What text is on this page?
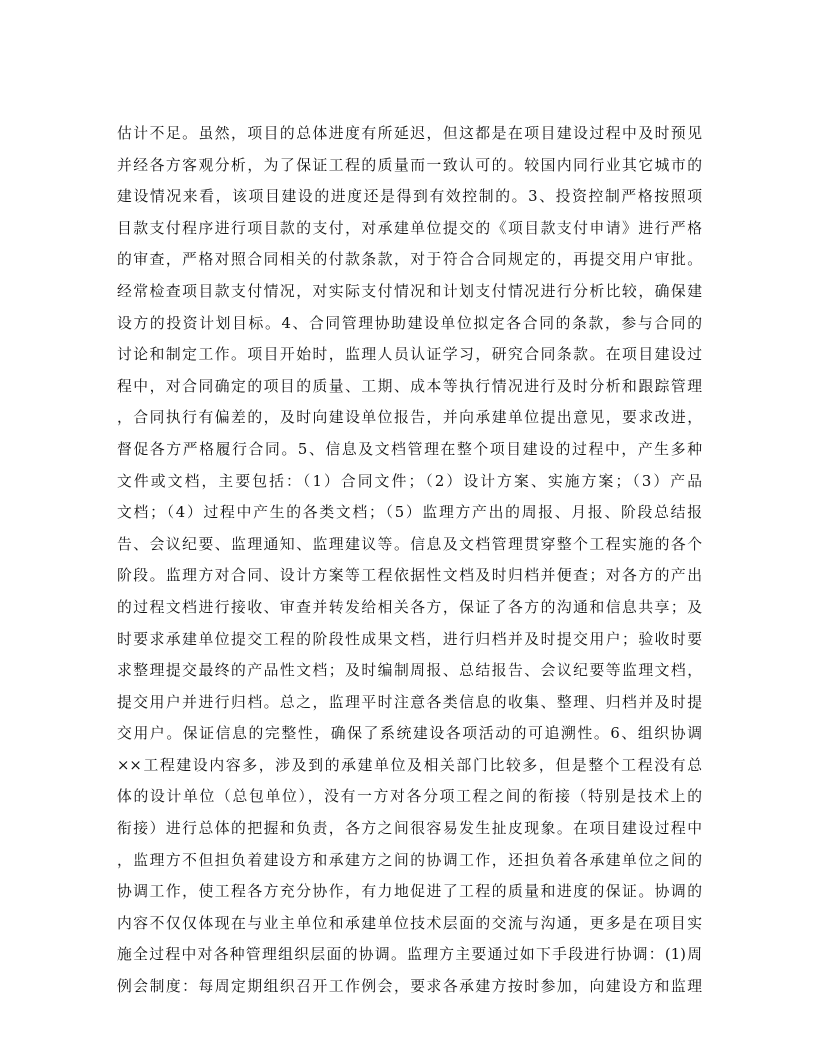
估计不足。虽然，项目的总体进度有所延迟，但这都是在项目建设过程中及时预见
并经各方客观分析，为了保证工程的质量而一致认可的。较国内同行业其它城市的
建设情况来看，该项目建设的进度还是得到有效控制的。3、投资控制严格按照项
目款支付程序进行项目款的支付，对承建单位提交的《项目款支付申请》进行严格
的审查，严格对照合同相关的付款条款，对于符合合同规定的，再提交用户审批。
经常检查项目款支付情况，对实际支付情况和计划支付情况进行分析比较，确保建
设方的投资计划目标。4、合同管理协助建设单位拟定各合同的条款，参与合同的
讨论和制定工作。项目开始时，监理人员认证学习，研究合同条款。在项目建设过
程中，对合同确定的项目的质量、工期、成本等执行情况进行及时分析和跟踪管理
，合同执行有偏差的，及时向建设单位报告，并向承建单位提出意见，要求改进，
督促各方严格履行合同。5、信息及文档管理在整个项目建设的过程中，产生多种
文件或文档，主要包括：（1）合同文件；（2）设计方案、实施方案；（3）产品
文档；（4）过程中产生的各类文档；（5）监理方产出的周报、月报、阶段总结报
告、会议纪要、监理通知、监理建议等。信息及文档管理贯穿整个工程实施的各个
阶段。监理方对合同、设计方案等工程依据性文档及时归档并便查；对各方的产出
的过程文档进行接收、审查并转发给相关各方，保证了各方的沟通和信息共享；及
时要求承建单位提交工程的阶段性成果文档，进行归档并及时提交用户；验收时要
求整理提交最终的产品性文档；及时编制周报、总结报告、会议纪要等监理文档，
提交用户并进行归档。总之，监理平时注意各类信息的收集、整理、归档并及时提
交用户。保证信息的完整性，确保了系统建设各项活动的可追溯性。6、组织协调
××工程建设内容多，涉及到的承建单位及相关部门比较多，但是整个工程没有总
体的设计单位（总包单位），没有一方对各分项工程之间的衔接（特别是技术上的
衔接）进行总体的把握和负责，各方之间很容易发生扯皮现象。在项目建设过程中
，监理方不但担负着建设方和承建方之间的协调工作，还担负着各承建单位之间的
协调工作，使工程各方充分协作，有力地促进了工程的质量和进度的保证。协调的
内容不仅仅体现在与业主单位和承建单位技术层面的交流与沟通，更多是在项目实
施全过程中对各种管理组织层面的协调。监理方主要通过如下手段进行协调：(1)周
例会制度：每周定期组织召开工作例会，要求各承建方按时参加，向建设方和监理
